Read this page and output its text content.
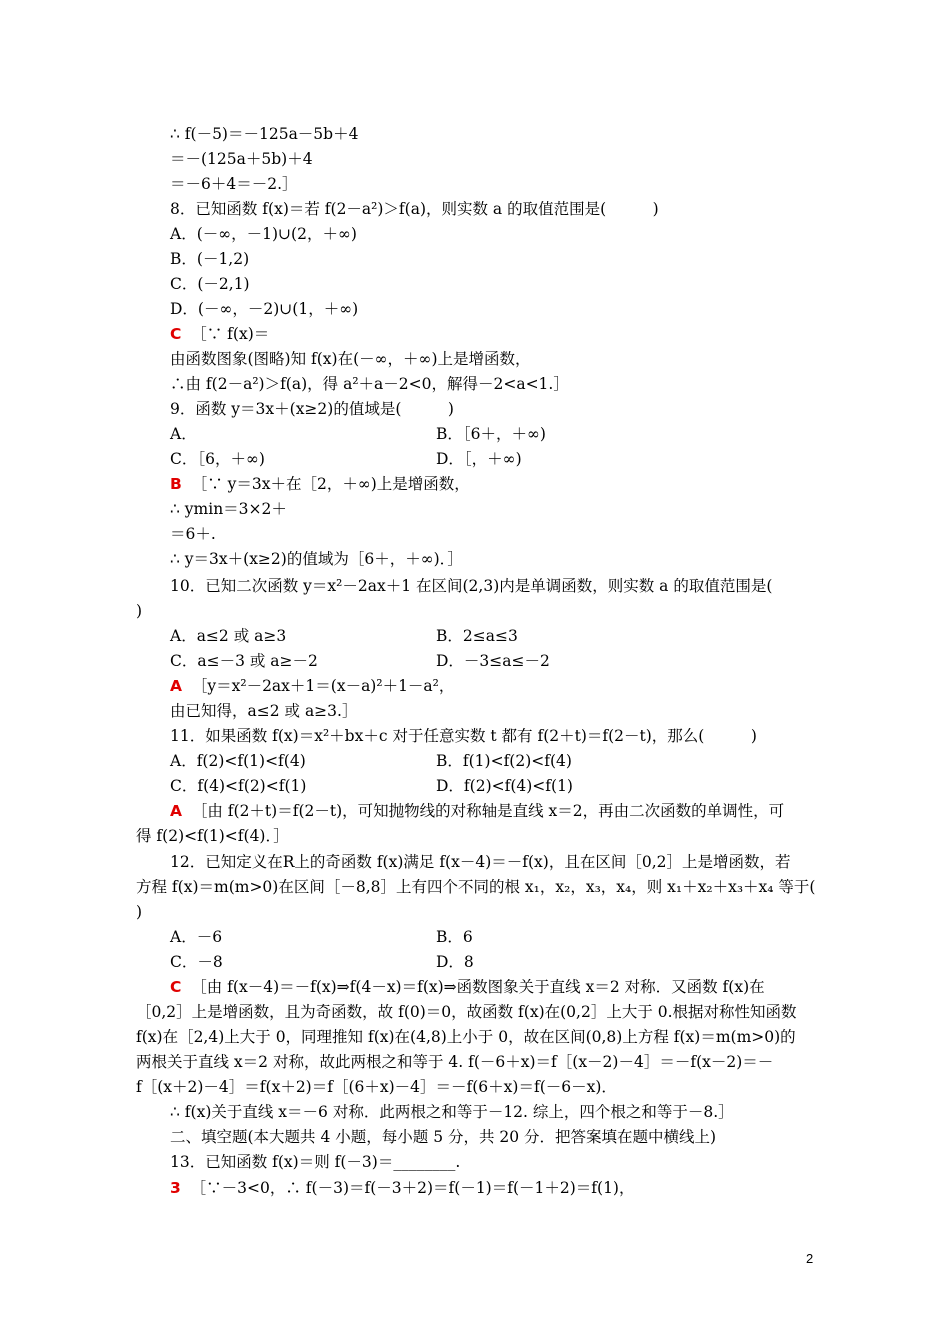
∴ f(－5)＝－125a－5b＋4
＝－(125a＋5b)＋4
＝－6＋4＝－2.］
8．已知函数 f(x)＝若 f(2－a²)＞f(a)，则实数 a 的取值范围是(　　　)
A．(－∞，－1)∪(2，＋∞)
B．(－1,2)
C．(－2,1)
D．(－∞，－2)∪(1，＋∞)
C ［∵ f(x)＝
由函数图象(图略)知 f(x)在(－∞，＋∞)上是增函数，
∴由 f(2－a²)＞f(a)，得 a²＋a－2<0，解得－2<a<1.］
9．函数 y＝3x＋(x≥2)的值域是(　　　)
A．	B．［6＋，＋∞)
C．［6，＋∞)	D．［，＋∞)
B ［∵ y＝3x＋在［2，＋∞)上是增函数，
∴ ymin＝3×2＋
＝6＋.
∴ y＝3x＋(x≥2)的值域为［6＋，＋∞)．］
10．已知二次函数 y＝x²－2ax＋1 在区间(2,3)内是单调函数，则实数 a 的取值范围是(
)
A．a≤2 或 a≥3	B．2≤a≤3
C．a≤－3 或 a≥－2	D．－3≤a≤－2
A ［y＝x²－2ax＋1＝(x－a)²＋1－a²，
由已知得，a≤2 或 a≥3.］
11．如果函数 f(x)＝x²＋bx＋c 对于任意实数 t 都有 f(2＋t)＝f(2－t)，那么(　　　)
A．f(2)<f(1)<f(4)	B．f(1)<f(2)<f(4)
C．f(4)<f(2)<f(1)	D．f(2)<f(4)<f(1)
A ［由 f(2＋t)＝f(2－t)，可知抛物线的对称轴是直线 x＝2，再由二次函数的单调性，可
得 f(2)<f(1)<f(4)．］
12．已知定义在R上的奇函数 f(x)满足 f(x－4)＝－f(x)，且在区间［0,2］上是增函数，若
方程 f(x)＝m(m>0)在区间［－8,8］上有四个不同的根 x₁，x₂，x₃，x₄，则 x₁＋x₂＋x₃＋x₄ 等于(
)
A．－6	B．6
C．－8	D．8
C ［由 f(x－4)＝－f(x)⇒f(4－x)＝f(x)⇒函数图象关于直线 x＝2 对称．又函数 f(x)在
［0,2］上是增函数，且为奇函数，故 f(0)＝0，故函数 f(x)在(0,2］上大于 0.根据对称性知函数
f(x)在［2,4)上大于 0，同理推知 f(x)在(4,8)上小于 0，故在区间(0,8)上方程 f(x)＝m(m>0)的
两根关于直线 x＝2 对称，故此两根之和等于 4. f(－6＋x)＝f［(x－2)－4］＝－f(x－2)＝－
f［(x＋2)－4］＝f(x＋2)＝f［(6＋x)－4］＝－f(6＋x)＝f(－6－x)．
∴ f(x)关于直线 x＝－6 对称．此两根之和等于－12. 综上，四个根之和等于－8.］
二、填空题(本大题共 4 小题，每小题 5 分，共 20 分．把答案填在题中横线上)
13．已知函数 f(x)＝则 f(－3)＝________.
3 ［∵－3<0，∴ f(－3)＝f(－3＋2)＝f(－1)＝f(－1＋2)＝f(1)，
2
